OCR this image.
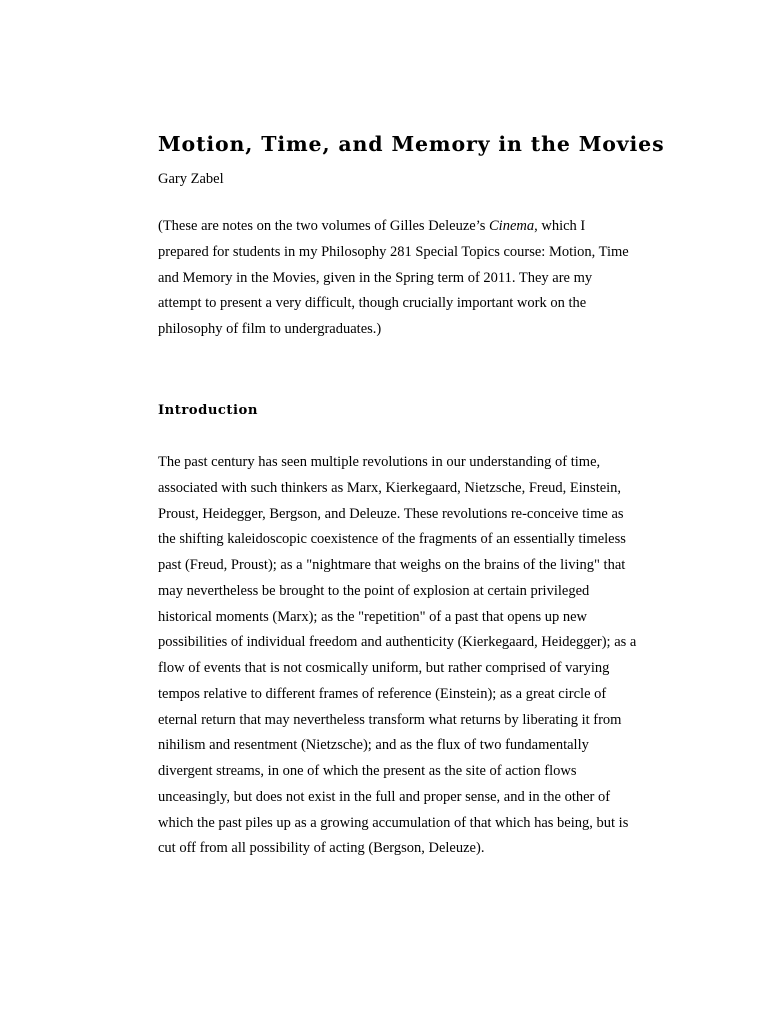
Motion, Time, and Memory in the Movies

Gary Zabel

(These are notes on the two volumes of Gilles Deleuze’s Cinema, which I
prepared for students in my Philosophy 281 Special Topics course: Motion, Time
and Memory in the Movies, given in the Spring term of 2011. They are my
attempt to present a very difficult, though crucially important work on the
philosophy of film to undergraduates.)

Introduction

The past century has seen multiple revolutions in our understanding of time,
associated with such thinkers as Marx, Kierkegaard, Nietzsche, Freud, Einstein,
Proust, Heidegger, Bergson, and Deleuze. These revolutions re-conceive time as
the shifting kaleidoscopic coexistence of the fragments of an essentially timeless
past (Freud, Proust); as a "nightmare that weighs on the brains of the living" that
may nevertheless be brought to the point of explosion at certain privileged
historical moments (Marx); as the "repetition" of a past that opens up new
possibilities of individual freedom and authenticity (Kierkegaard, Heidegger); as a
flow of events that is not cosmically uniform, but rather comprised of varying
tempos relative to different frames of reference (Einstein); as a great circle of
eternal return that may nevertheless transform what returns by liberating it from
nihilism and resentment (Nietzsche); and as the flux of two fundamentally
divergent streams, in one of which the present as the site of action flows
unceasingly, but does not exist in the full and proper sense, and in the other of
which the past piles up as a growing accumulation of that which has being, but is
cut off from all possibility of acting (Bergson, Deleuze).
